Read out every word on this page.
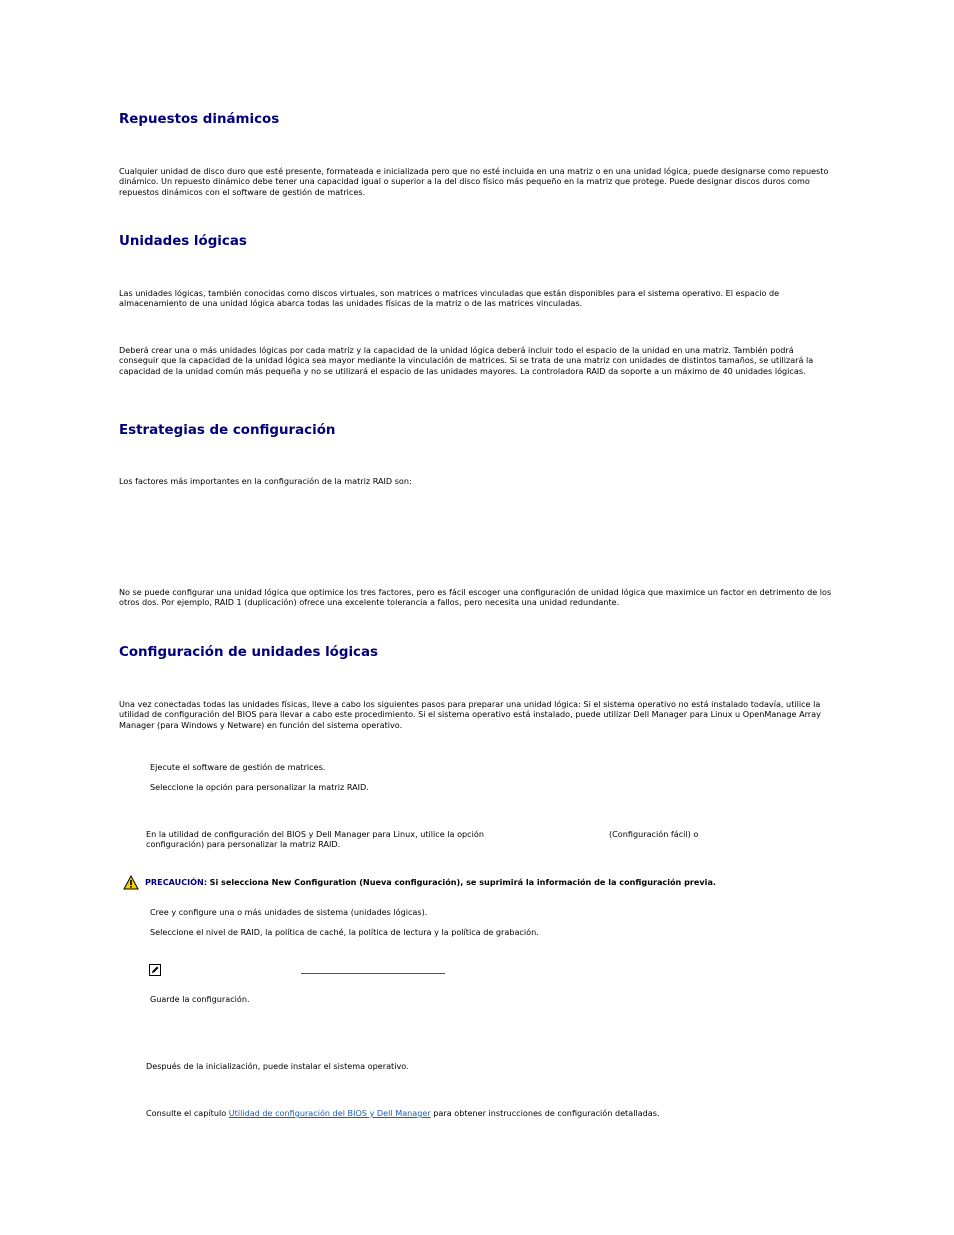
Repuestos dinámicos
Cualquier unidad de disco duro que esté presente, formateada e inicializada pero que no esté incluida en una matriz o en una unidad lógica, puede designarse como repuesto dinámico. Un repuesto dinámico debe tener una capacidad igual o superior a la del disco físico más pequeño en la matriz que protege. Puede designar discos duros como repuestos dinámicos con el software de gestión de matrices.
Unidades lógicas
Las unidades lógicas, también conocidas como discos virtuales, son matrices o matrices vinculadas que están disponibles para el sistema operativo. El espacio de almacenamiento de una unidad lógica abarca todas las unidades físicas de la matriz o de las matrices vinculadas.
Deberá crear una o más unidades lógicas por cada matriz y la capacidad de la unidad lógica deberá incluir todo el espacio de la unidad en una matriz. También podrá conseguir que la capacidad de la unidad lógica sea mayor mediante la vinculación de matrices. Si se trata de una matriz con unidades de distintos tamaños, se utilizará la capacidad de la unidad común más pequeña y no se utilizará el espacio de las unidades mayores. La controladora RAID da soporte a un máximo de 40 unidades lógicas.
Estrategias de configuración
Los factores más importantes en la configuración de la matriz RAID son:
No se puede configurar una unidad lógica que optimice los tres factores, pero es fácil escoger una configuración de unidad lógica que maximice un factor en detrimento de los otros dos. Por ejemplo, RAID 1 (duplicación) ofrece una excelente tolerancia a fallos, pero necesita una unidad redundante.
Configuración de unidades lógicas
Una vez conectadas todas las unidades físicas, lleve a cabo los siguientes pasos para preparar una unidad lógica: Si el sistema operativo no está instalado todavía, utilice la utilidad de configuración del BIOS para llevar a cabo este procedimiento. Si el sistema operativo está instalado, puede utilizar Dell Manager para Linux u OpenManage Array Manager (para Windows y Netware) en función del sistema operativo.
Ejecute el software de gestión de matrices.
Seleccione la opción para personalizar la matriz RAID.
En la utilidad de configuración del BIOS y Dell Manager para Linux, utilice la opción	(Configuración fácil) o
configuración) para personalizar la matriz RAID.
PRECAUCIÓN: Si selecciona New Configuration (Nueva configuración), se suprimirá la información de la configuración previa.
Cree y configure una o más unidades de sistema (unidades lógicas).
Seleccione el nivel de RAID, la política de caché, la política de lectura y la política de grabación.
Guarde la configuración.
Después de la inicialización, puede instalar el sistema operativo.
Consulte el capítulo Utilidad de configuración del BIOS y Dell Manager para obtener instrucciones de configuración detalladas.
